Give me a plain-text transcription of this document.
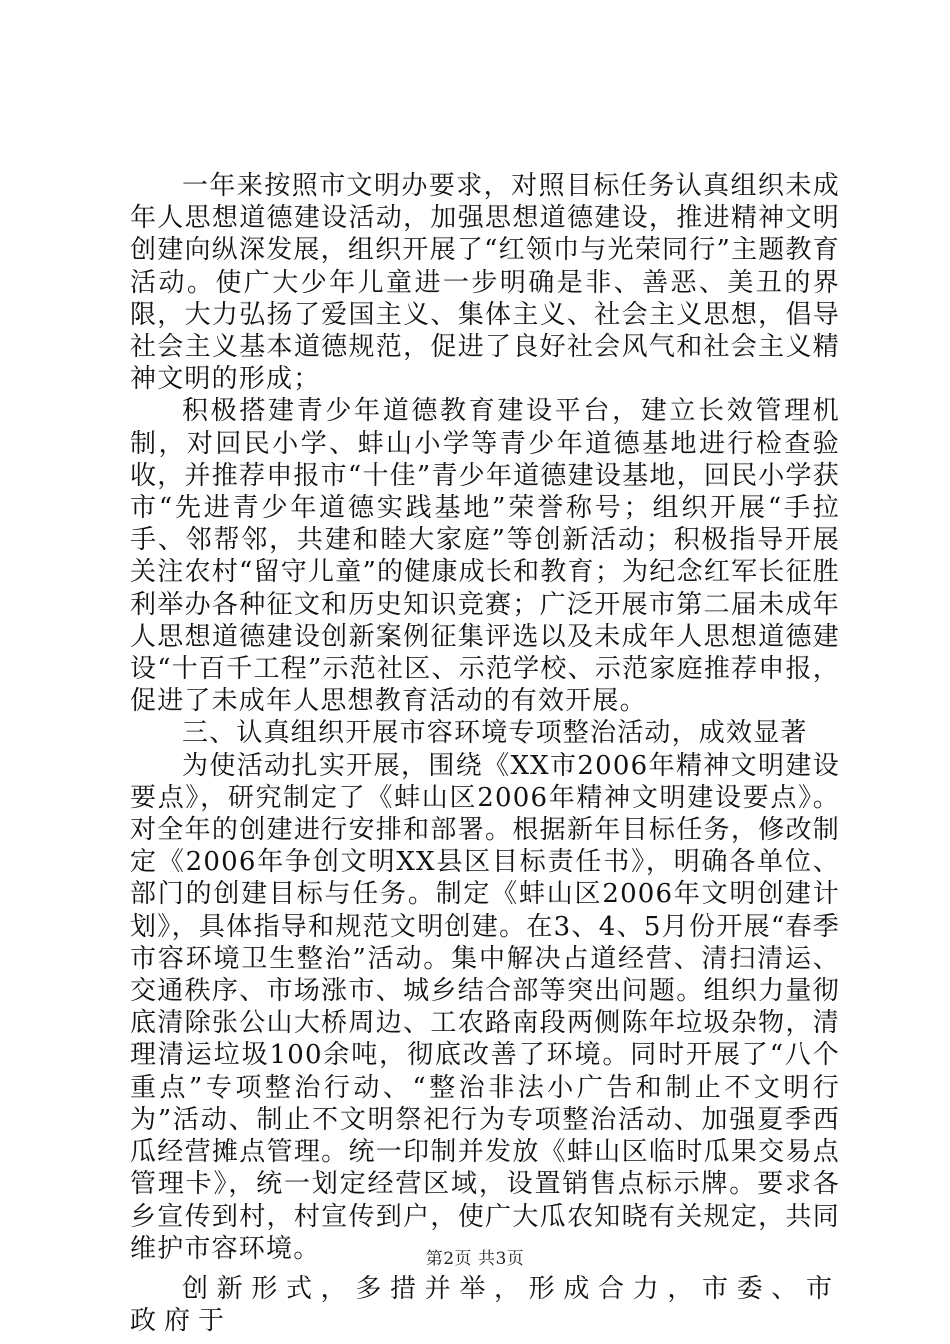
一年来按照市文明办要求，对照目标任务认真组织未成年人思想道德建设活动，加强思想道德建设，推进精神文明创建向纵深发展，组织开展了“红领巾与光荣同行”主题教育活动。使广大少年儿童进一步明确是非、善恶、美丑的界限，大力弘扬了爱国主义、集体主义、社会主义思想，倡导社会主义基本道德规范，促进了良好社会风气和社会主义精神文明的形成；

积极搭建青少年道德教育建设平台，建立长效管理机制，对回民小学、蚌山小学等青少年道德基地进行检查验收，并推荐申报市“十佳”青少年道德建设基地，回民小学获市“先进青少年道德实践基地”荣誉称号；组织开展“手拉手、邻帮邻，共建和睦大家庭”等创新活动；积极指导开展关注农村“留守儿童”的健康成长和教育；为纪念红军长征胜利举办各种征文和历史知识竞赛；广泛开展市第二届未成年人思想道德建设创新案例征集评选以及未成年人思想道德建设“十百千工程”示范社区、示范学校、示范家庭推荐申报，促进了未成年人思想教育活动的有效开展。

三、认真组织开展市容环境专项整治活动，成效显著

为使活动扎实开展，围绕《XX市2006年精神文明建设要点》，研究制定了《蚌山区2006年精神文明建设要点》。对全年的创建进行安排和部署。根据新年目标任务，修改制定《2006年争创文明XX县区目标责任书》，明确各单位、部门的创建目标与任务。制定《蚌山区2006年文明创建计划》，具体指导和规范文明创建。在3、4、5月份开展“春季市容环境卫生整治”活动。集中解决占道经营、清扫清运、交通秩序、市场涨市、城乡结合部等突出问题。组织力量彻底清除张公山大桥周边、工农路南段两侧陈年垃圾杂物，清理清运垃圾100余吨，彻底改善了环境。同时开展了“八个重点”专项整治行动、“整治非法小广告和制止不文明行为”活动、制止不文明祭祀行为专项整治活动、加强夏季西瓜经营摊点管理。统一印制并发放《蚌山区临时瓜果交易点管理卡》，统一划定经营区域，设置销售点标示牌。要求各乡宣传到村，村宣传到户，使广大瓜农知晓有关规定，共同维护市容环境。

创新形式，多措并举，形成合力，市委、市政府于

第2页 共3页
